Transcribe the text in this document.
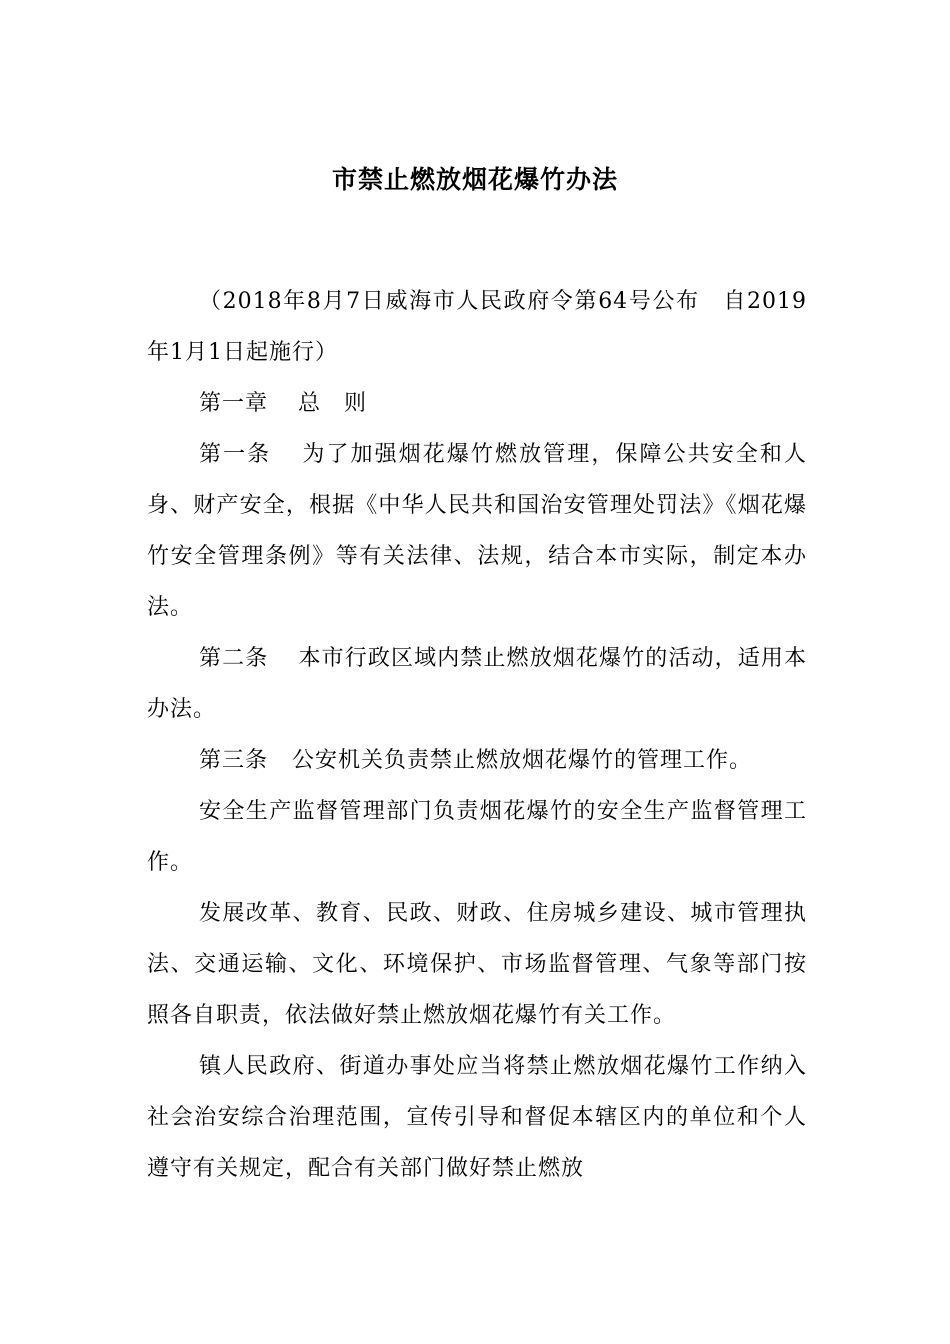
市禁止燃放烟花爆竹办法

（2018年8月7日威海市人民政府令第64号公布　自2019年1月1日起施行）

第一章 总　则

第一条 为了加强烟花爆竹燃放管理，保障公共安全和人身、财产安全，根据《中华人民共和国治安管理处罚法》《烟花爆竹安全管理条例》等有关法律、法规，结合本市实际，制定本办法。

第二条 本市行政区域内禁止燃放烟花爆竹的活动，适用本办法。

第三条 公安机关负责禁止燃放烟花爆竹的管理工作。

安全生产监督管理部门负责烟花爆竹的安全生产监督管理工作。

发展改革、教育、民政、财政、住房城乡建设、城市管理执法、交通运输、文化、环境保护、市场监督管理、气象等部门按照各自职责，依法做好禁止燃放烟花爆竹有关工作。

镇人民政府、街道办事处应当将禁止燃放烟花爆竹工作纳入社会治安综合治理范围，宣传引导和督促本辖区内的单位和个人遵守有关规定，配合有关部门做好禁止燃放
